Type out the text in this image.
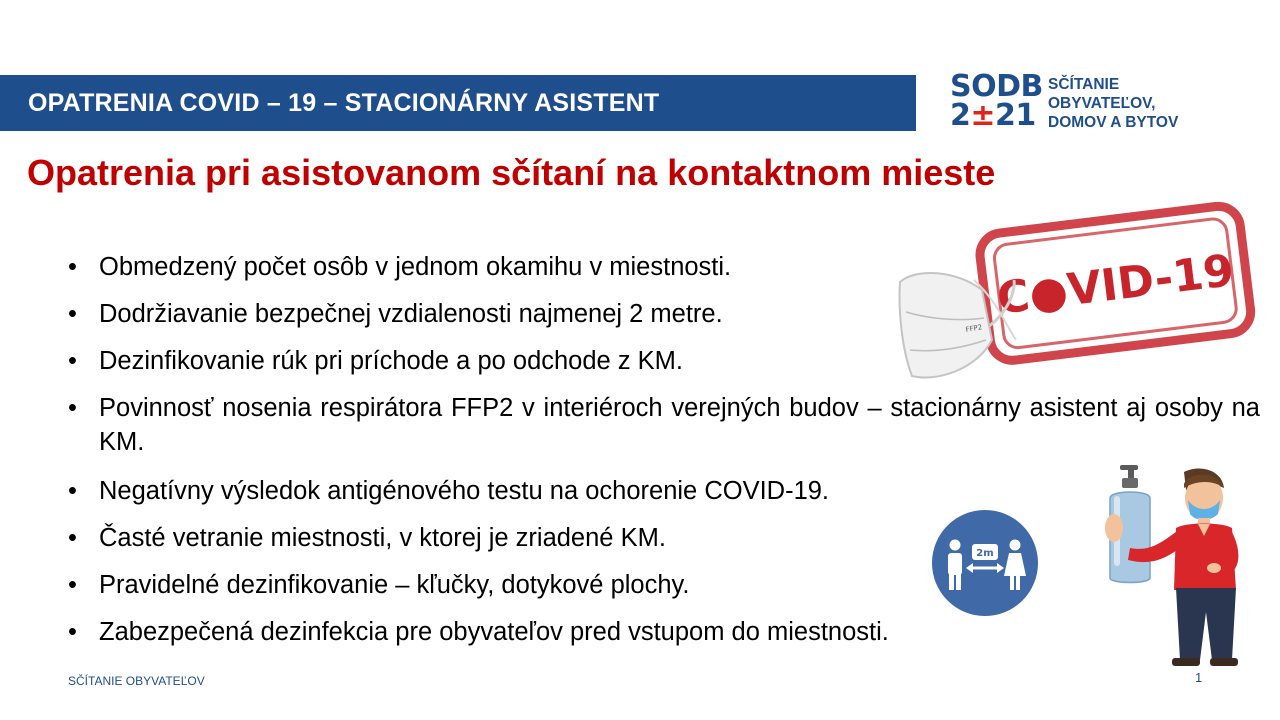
OPATRENIA COVID – 19 – STACIONÁRNY ASISTENT	SODB
2±21
SČÍTANIE
OBYVATEĽOV,
DOMOV A BYTOV
Opatrenia pri asistovanom sčítaní na kontaktnom mieste
• Obmedzený počet osôb v jednom okamihu v miestnosti.
• Dodržiavanie bezpečnej vzdialenosti najmenej 2 metre.
• Dezinfikovanie rúk pri príchode a po odchode z KM.
• Povinnosť nosenia respirátora FFP2 v interiéroch verejných budov – stacionárny asistent aj osoby na KM.
• Negatívny výsledok antigénového testu na ochorenie COVID-19.
• Časté vetranie miestnosti, v ktorej je zriadené KM.
• Pravidelné dezinfikovanie – kľučky, dotykové plochy.
• Zabezpečená dezinfekcia pre obyvateľov pred vstupom do miestnosti.
C●VID-19
FFP2
2m
SČÍTANIE OBYVATEĽOV	1
